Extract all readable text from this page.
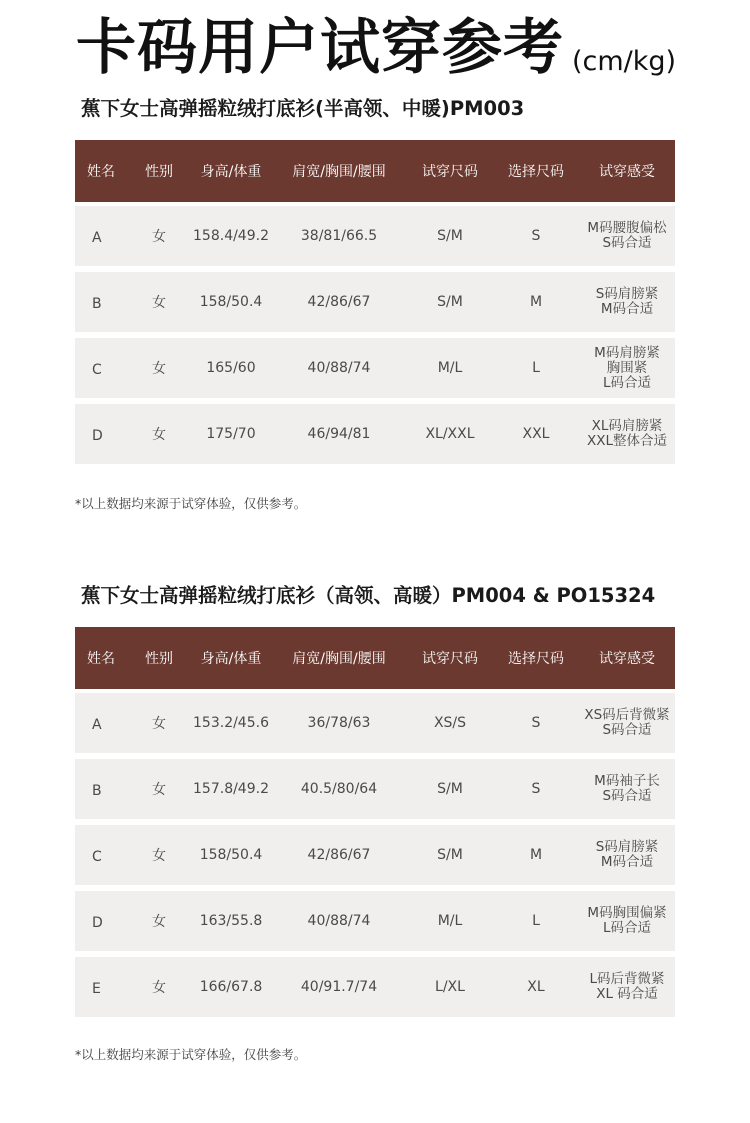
卡码用户试穿参考 (cm/kg)
蕉下女士高弹摇粒绒打底衫(半高领、中暖)PM003
姓名	性别	身高/体重	肩宽/胸围/腰围	试穿尺码	选择尺码	试穿感受
A	女	158.4/49.2	38/81/66.5	S/M	S	M码腰腹偏松
S码合适
B	女	158/50.4	42/86/67	S/M	M	S码肩膀紧
M码合适
C	女	165/60	40/88/74	M/L	L
M码肩膀紧
胸围紧
L码合适
D	女	175/70	46/94/81	XL/XXL	XXL	XL码肩膀紧
XXL整体合适
*以上数据均来源于试穿体验，仅供参考。
蕉下女士高弹摇粒绒打底衫（高领、高暖）PM004 & PO15324
姓名	性别	身高/体重	肩宽/胸围/腰围	试穿尺码	选择尺码	试穿感受
A	女	153.2/45.6	36/78/63	XS/S	S	XS码后背微紧
S码合适
B	女	157.8/49.2	40.5/80/64	S/M	S	M码袖子长
S码合适
C	女	158/50.4	42/86/67	S/M	M	S码肩膀紧
M码合适
D	女	163/55.8	40/88/74	M/L	L	M码胸围偏紧
L码合适
E	女	166/67.8	40/91.7/74	L/XL	XL	L码后背微紧
XL 码合适
*以上数据均来源于试穿体验，仅供参考。
